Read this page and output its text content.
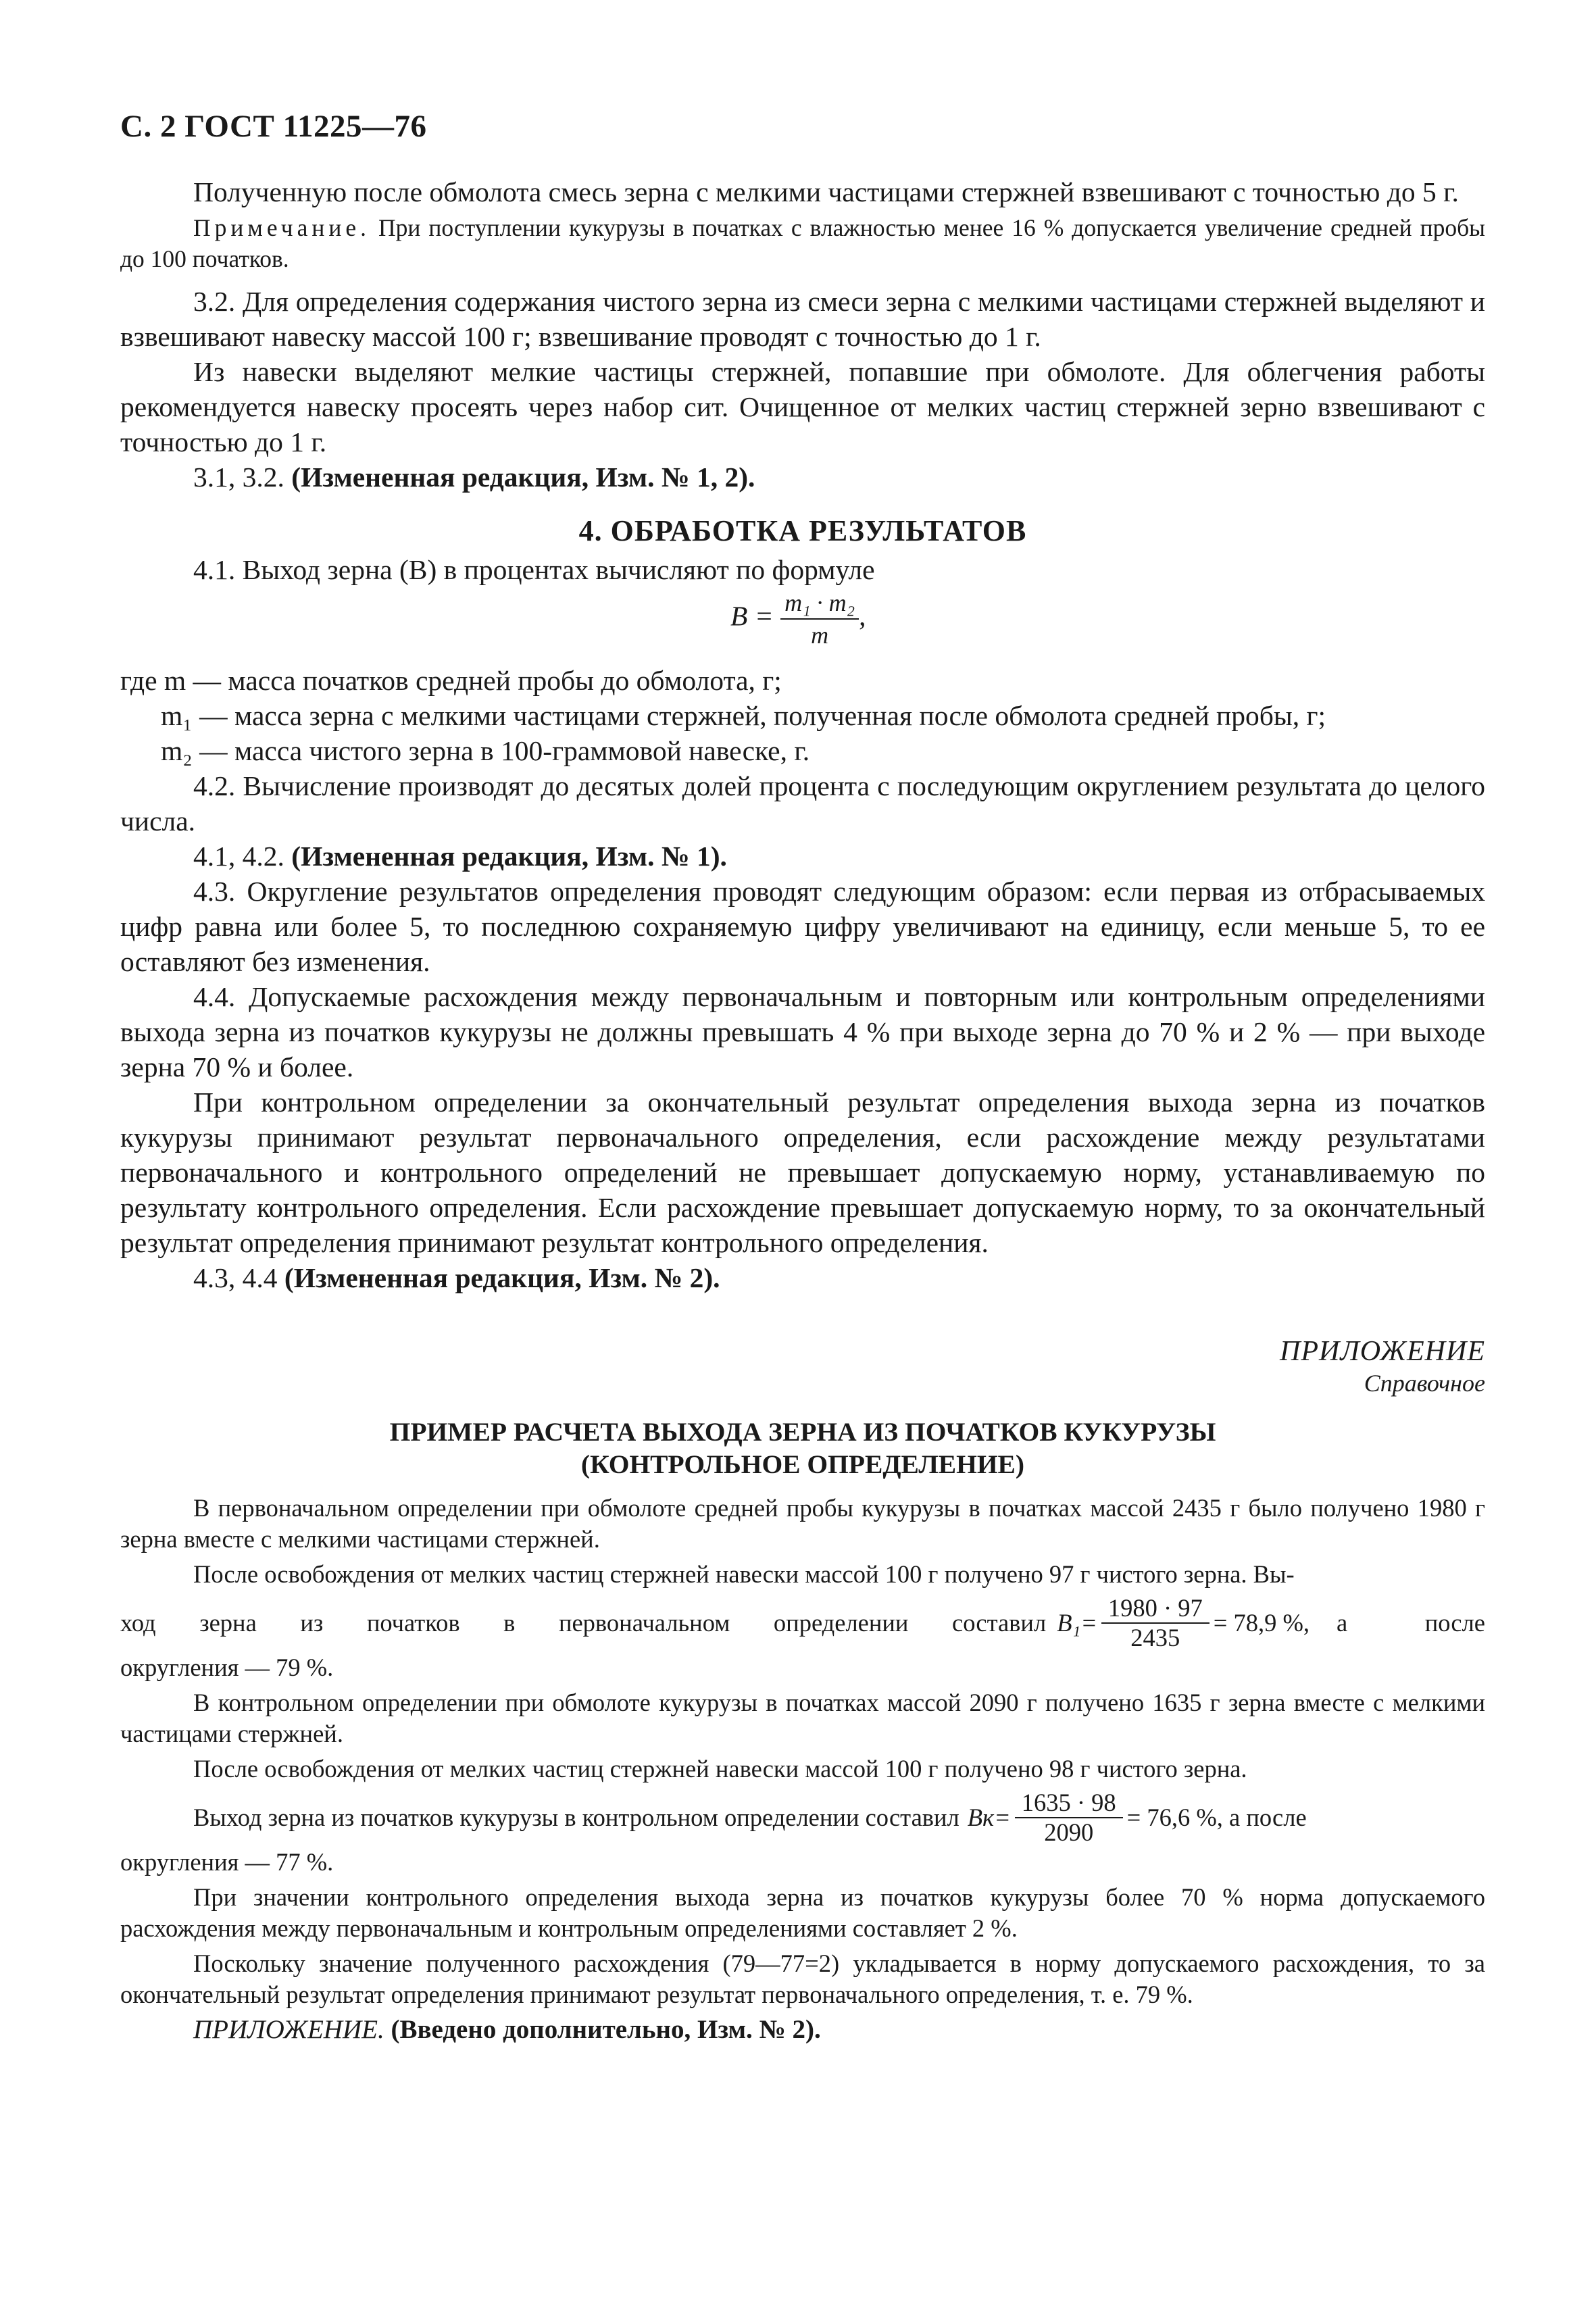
С. 2 ГОСТ 11225—76

Полученную после обмолота смесь зерна с мелкими частицами стержней взвешивают с точностью до 5 г.

Примечание. При поступлении кукурузы в початках с влажностью менее 16 % допускается увеличение средней пробы до 100 початков.

3.2. Для определения содержания чистого зерна из смеси зерна с мелкими частицами стержней выделяют и взвешивают навеску массой 100 г; взвешивание проводят с точностью до 1 г.

Из навески выделяют мелкие частицы стержней, попавшие при обмолоте. Для облегчения работы рекомендуется навеску просеять через набор сит. Очищенное от мелких частиц стержней зерно взвешивают с точностью до 1 г.

3.1, 3.2. (Измененная редакция, Изм. № 1, 2).

4. ОБРАБОТКА РЕЗУЛЬТАТОВ

4.1. Выход зерна (B) в процентах вычисляют по формуле

$B = \frac{\text{m₁ · m₂}}{m}$ ,

где m — масса початков средней пробы до обмолота, г;

m₁ — масса зерна с мелкими частицами стержней, полученная после обмолота средней пробы, г;

m₂ — масса чистого зерна в 100-граммовой навеске, г.

4.2. Вычисление производят до десятых долей процента с последующим округлением результата до целого числа.

4.1, 4.2. (Измененная редакция, Изм. № 1).

4.3. Округление результатов определения проводят следующим образом: если первая из отбрасываемых цифр равна или более 5, то последнюю сохраняемую цифру увеличивают на единицу, если меньше 5, то ее оставляют без изменения.

4.4. Допускаемые расхождения между первоначальным и повторным или контрольным определениями выхода зерна из початков кукурузы не должны превышать 4 % при выходе зерна до 70 % и 2 % — при выходе зерна 70 % и более.

При контрольном определении за окончательный результат определения выхода зерна из початков кукурузы принимают результат первоначального определения, если расхождение между результатами первоначального и контрольного определений не превышает допускаемую норму, устанавливаемую по результату контрольного определения. Если расхождение превышает допускаемую норму, то за окончательный результат определения принимают результат контрольного определения.

4.3, 4.4 (Измененная редакция, Изм. № 2).

ПРИЛОЖЕНИЕ
Справочное
ПРИМЕР РАСЧЕТА ВЫХОДА ЗЕРНА ИЗ ПОЧАТКОВ КУКУРУЗЫ
(КОНТРОЛЬНОЕ ОПРЕДЕЛЕНИЕ)

В первоначальном определении при обмолоте средней пробы кукурузы в початках массой 2435 г было получено 1980 г зерна вместе с мелкими частицами стержней.

После освобождения от мелких частиц стержней навески массой 100 г получено 97 г чистого зерна. Вы-

ход зерна из початков в первоначальном определении составил $B_1= \frac{1980 \cdot 97}{2435} = 78,9$ %, а	после

округления — 79 %.

В контрольном определении при обмолоте кукурузы в початках массой 2090 г получено 1635 г зерна вместе с мелкими частицами стержней.

После освобождения от мелких частиц стержней навески массой 100 г получено 98 г чистого зерна.

Выход зерна из початков кукурузы в контрольном определении составил $Bк= \frac{1635 \cdot 98}{2090} = 76,6$ %, а после

округления — 77 %.

При значении контрольного определения выхода зерна из початков кукурузы более 70 % норма допускаемого расхождения между первоначальным и контрольным определениями составляет 2 %.

Поскольку значение полученного расхождения (79—77=2) укладывается в норму допускаемого расхождения, то за окончательный результат определения принимают результат первоначального определения, т. е. 79 %.

ПРИЛОЖЕНИЕ. (Введено дополнительно, Изм. № 2).
